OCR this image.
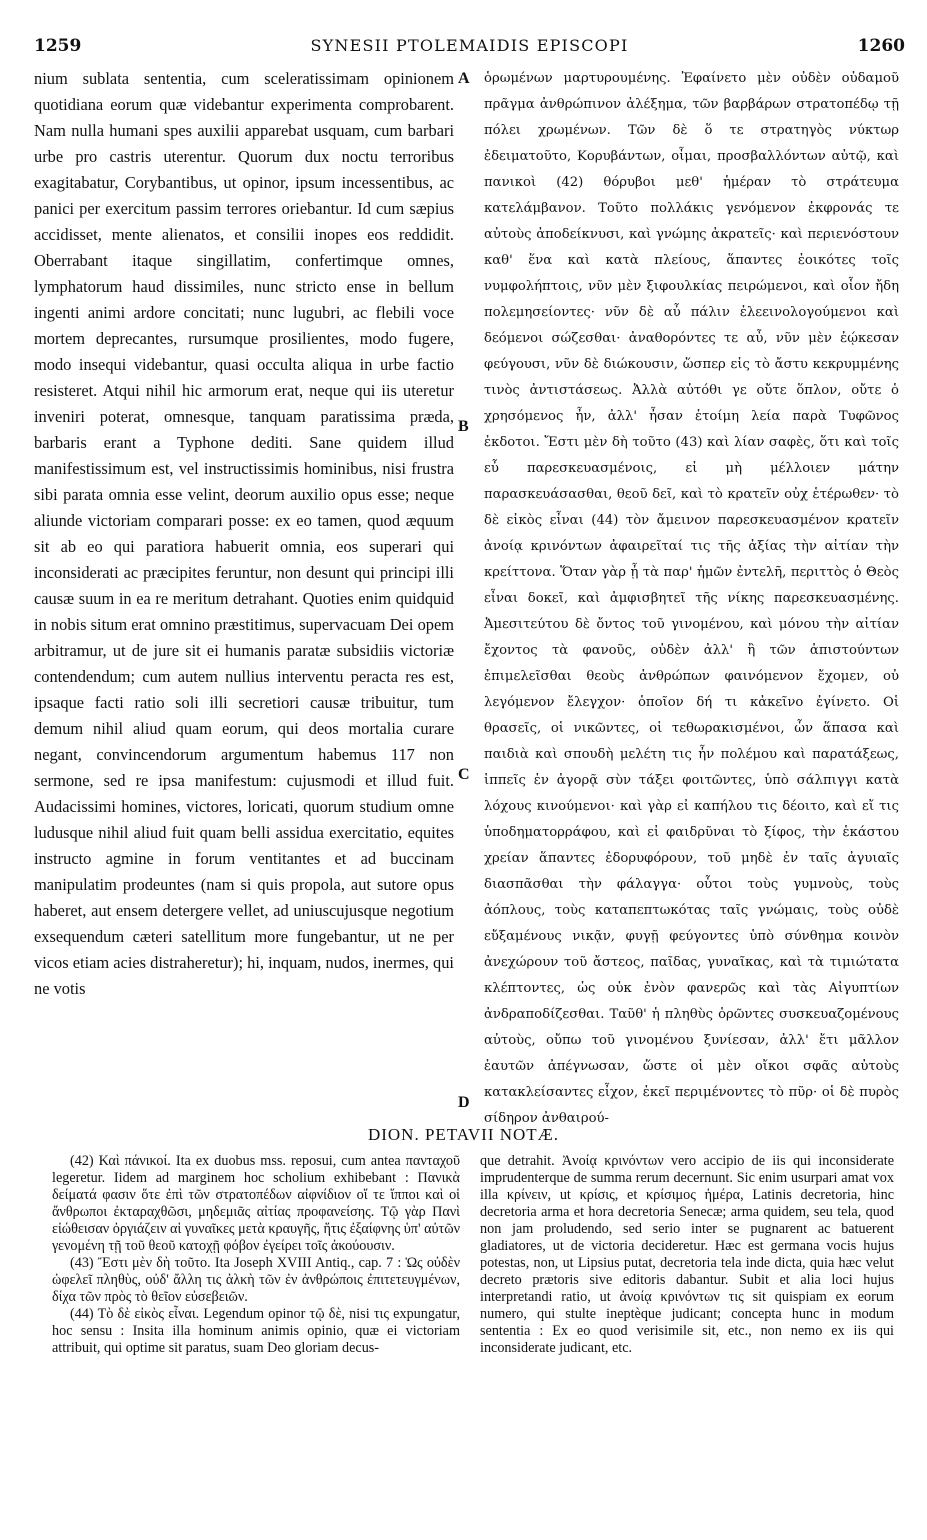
1259	SYNESII PTOLEMAIDIS EPISCOPI	1260

nium sublata sententia, cum sceleratissimam opinionem quotidiana eorum quæ videbantur experimenta comprobarent. Nam nulla humani spes auxilii apparebat usquam, cum barbari urbe pro castris uterentur. Quorum dux noctu terroribus exagitabatur, Corybantibus, ut opinor, ipsum incessentibus, ac panici per exercitum passim terrores oriebantur. Id cum sæpius accidisset, mente alienatos, et consilii inopes eos reddidit. Oberrabant itaque singillatim, confertimque omnes, lymphatorum haud dissimiles, nunc stricto ense in bellum ingenti animi ardore concitati; nunc lugubri, ac flebili voce mortem deprecantes, rursumque prosilientes, modo fugere, modo insequi videbantur, quasi occulta aliqua in urbe factio resisteret. Atqui nihil hic armorum erat, neque qui iis uteretur inveniri poterat, omnesque, tanquam paratissima præda, barbaris erant a Typhone dediti. Sane quidem illud manifestissimum est, vel instructissimis hominibus, nisi frustra sibi parata omnia esse velint, deorum auxilio opus esse; neque aliunde victoriam comparari posse: ex eo tamen, quod æquum sit ab eo qui paratiora habuerit omnia, eos superari qui inconsiderati ac præcipites feruntur, non desunt qui principi illi causæ suum in ea re meritum detrahant. Quoties enim quidquid in nobis situm erat omnino præstitimus, supervacuam Dei opem arbitramur, ut de jure sit ei humanis paratæ subsidiis victoriæ contendendum; cum autem nullius interventu peracta res est, ipsaque facti ratio soli illi secretiori causæ tribuitur, tum demum nihil aliud quam eorum, qui deos mortalia curare negant, convincendorum argumentum habemus 117 non sermone, sed re ipsa manifestum: cujusmodi et illud fuit. Audacissimi homines, victores, loricati, quorum studium omne ludusque nihil aliud fuit quam belli assidua exercitatio, equites instructo agmine in forum ventitantes et ad buccinam manipulatim prodeuntes (nam si quis propola, aut sutore opus haberet, aut ensem detergere vellet, ad uniuscujusque negotium exsequendum cæteri satellitum more fungebantur, ut ne per vicos etiam acies distraheretur); hi, inquam, nudos, inermes, qui ne votis

A
B
C
D

ὁρωμένων μαρτυρουμένης. Ἐφαίνετο μὲν οὐδὲν οὐδαμοῦ πρᾶγμα ἀνθρώπινον ἀλέξημα, τῶν βαρβάρων στρατοπέδῳ τῇ πόλει χρωμένων. Τῶν δὲ ὅ τε στρατηγὸς νύκτωρ ἐδειματοῦτο, Κορυβάντων, οἶμαι, προσβαλλόντων αὐτῷ, καὶ πανικοὶ (42) θόρυβοι μεθ' ἡμέραν τὸ στράτευμα κατελάμβανον. Τοῦτο πολλάκις γενόμενον ἐκφρονάς τε αὐτοὺς ἀποδείκνυσι, καὶ γνώμης ἀκρατεῖς· καὶ περιενόστουν καθ' ἕνα καὶ κατὰ πλείους, ἅπαντες ἐοικότες τοῖς νυμφολήπτοις, νῦν μὲν ξιφουλκίας πειρώμενοι, καὶ οἷον ἤδη πολεμησείοντες· νῦν δὲ αὖ πάλιν ἐλεεινολογούμενοι καὶ δεόμενοι σώζεσθαι· ἀναθορόντες τε αὖ, νῦν μὲν ἐῴκεσαν φεύγουσι, νῦν δὲ διώκουσιν, ὥσπερ εἰς τὸ ἄστυ κεκρυμμένης τινὸς ἀντιστάσεως. Ἀλλὰ αὐτόθι γε οὔτε ὅπλον, οὔτε ὁ χρησόμενος ἦν, ἀλλ' ἦσαν ἑτοίμη λεία παρὰ Τυφῶνος ἐκδοτοι. Ἔστι μὲν δὴ τοῦτο (43) καὶ λίαν σαφὲς, ὅτι καὶ τοῖς εὖ παρεσκευασμένοις, εἰ μὴ μέλλοιεν μάτην παρασκευάσασθαι, θεοῦ δεῖ, καὶ τὸ κρατεῖν οὐχ ἑτέρωθεν· τὸ δὲ εἰκὸς εἶναι (44) τὸν ἄμεινον παρεσκευασμένον κρατεῖν ἀνοίᾳ κρινόντων ἀφαιρεῖταί τις τῆς ἀξίας τὴν αἰτίαν τὴν κρείττονα. Ὅταν γὰρ ᾖ τὰ παρ' ἡμῶν ἐντελῆ, περιττὸς ὁ Θεὸς εἶναι δοκεῖ, καὶ ἀμφισβητεῖ τῆς νίκης παρεσκευασμένης. Ἀμεσιτεύτου δὲ ὄντος τοῦ γινομένου, καὶ μόνου τὴν αἰτίαν ἔχοντος τὰ φανοῦς, οὐδὲν ἀλλ' ἢ τῶν ἀπιστούντων ἐπιμελεῖσθαι θεοὺς ἀνθρώπων φαινόμενον ἔχομεν, οὐ λεγόμενον ἔλεγχον· ὁποῖον δή τι κἀκεῖνο ἐγίνετο. Οἱ θρασεῖς, οἱ νικῶντες, οἱ τεθωρακισμένοι, ὧν ἅπασα καὶ παιδιὰ καὶ σπουδὴ μελέτη τις ἦν πολέμου καὶ παρατάξεως, ἱππεῖς ἐν ἀγορᾷ σὺν τάξει φοιτῶντες, ὑπὸ σάλπιγγι κατὰ λόχους κινούμενοι· καὶ γὰρ εἰ καπήλου τις δέοιτο, καὶ εἴ τις ὑποδηματορράφου, καὶ εἰ φαιδρῦναι τὸ ξίφος, τὴν ἑκάστου χρείαν ἅπαντες ἐδορυφόρουν, τοῦ μηδὲ ἐν ταῖς ἀγυιαῖς διασπᾶσθαι τὴν φάλαγγα· οὗτοι τοὺς γυμνοὺς, τοὺς ἀόπλους, τοὺς καταπεπτωκότας ταῖς γνώμαις, τοὺς οὐδὲ εὔξαμένους νικᾷν, φυγῇ φεύγοντες ὑπὸ σύνθημα κοινὸν ἀνεχώρουν τοῦ ἄστεος, παῖδας, γυναῖκας, καὶ τὰ τιμιώτατα κλέπτοντες, ὡς οὐκ ἐνὸν φανερῶς καὶ τὰς Αἰγυπτίων ἀνδραποδίζεσθαι. Ταῦθ' ἡ πληθὺς ὁρῶντες συσκευαζομένους αὐτοὺς, οὔπω τοῦ γινομένου ξυνίεσαν, ἀλλ' ἔτι μᾶλλον ἑαυτῶν ἀπέγνωσαν, ὥστε οἱ μὲν οἴκοι σφᾶς αὐτοὺς κατακλείσαντες εἶχον, ἐκεῖ περιμένοντες τὸ πῦρ· οἱ δὲ πυρὸς σίδηρον ἀνθαιρού-

DION. PETAVII NOTÆ.

(42) Καὶ πάνικοί. Ita ex duobus mss. reposui, cum antea πανταχοῦ legeretur. Iidem ad marginem hoc scholium exhibebant : Πανικὰ δείματά φασιν ὅτε ἐπὶ τῶν στρατοπέδων αἰφνίδιον οἵ τε ἵπποι καὶ οἱ ἄνθρωποι ἐκταραχθῶσι, μηδεμιᾶς αἰτίας προφανείσης. Τῷ γὰρ Πανὶ εἰώθεισαν ὀργιάζειν αἱ γυναῖκες μετὰ κραυγῆς, ἥτις ἐξαίφνης ὑπ' αὐτῶν γενομένη τῇ τοῦ θεοῦ κατοχῇ φόβον ἐγείρει τοῖς ἀκούουσιν.

(43) Ἔστι μὲν δὴ τοῦτο. Ita Joseph XVIII Antiq., cap. 7 : Ὡς οὐδὲν ὠφελεῖ πληθὺς, οὐδ' ἄλλη τις ἀλκὴ τῶν ἐν ἀνθρώποις ἐπιτετευγμένων, δίχα τῶν πρὸς τὸ θεῖον εὐσεβειῶν.

(44) Τὸ δὲ εἰκὸς εἶναι. Legendum opinor τῷ δὲ, nisi τις expungatur, hoc sensu : Insita illa hominum animis opinio, quæ ei victoriam attribuit, qui optime sit paratus, suam Deo gloriam decus-

que detrahit. Ἀνοίᾳ κρινόντων vero accipio de iis qui inconsiderate imprudenterque de summa rerum decernunt. Sic enim usurpari amat vox illa κρίνειν, ut κρίσις, et κρίσιμος ἡμέρα, Latinis decretoria, hinc decretoria arma et hora decretoria Senecæ; arma quidem, seu tela, quod non jam proludendo, sed serio inter se pugnarent ac batuerent gladiatores, ut de victoria decideretur. Hæc est germana vocis hujus potestas, non, ut Lipsius putat, decretoria tela inde dicta, quia hæc velut decreto prætoris sive editoris dabantur. Subit et alia loci hujus interpretandi ratio, ut ἀνοίᾳ κρινόντων τις sit quispiam ex eorum numero, qui stulte ineptèque judicant; concepta hunc in modum sententia : Ex eo quod verisimile sit, etc., non nemo ex iis qui inconsiderate judicant, etc.
